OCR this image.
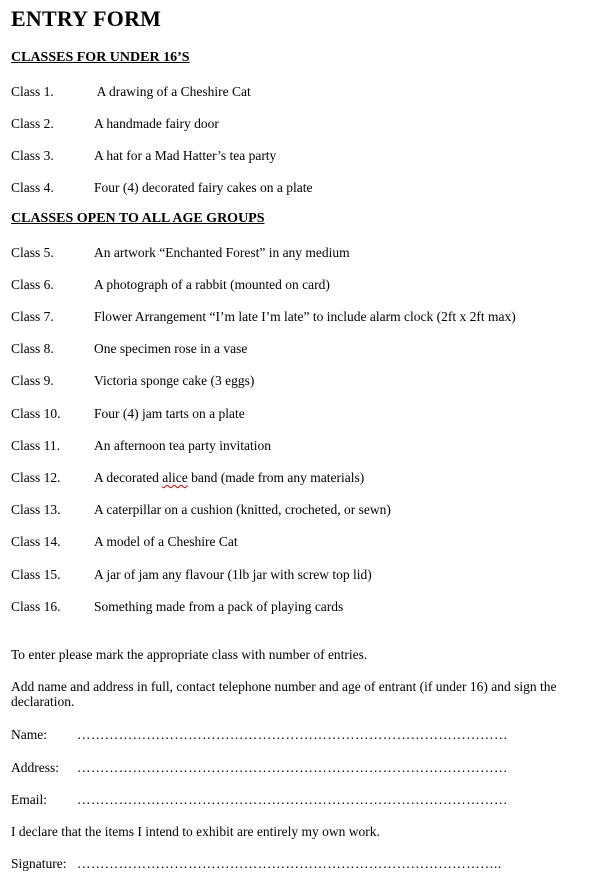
ENTRY FORM
CLASSES FOR UNDER 16’S
Class 1.	A drawing of a Cheshire Cat
Class 2.	A handmade fairy door
Class 3.	A hat for a Mad Hatter’s tea party
Class 4.	Four (4) decorated fairy cakes on a plate
CLASSES OPEN TO ALL AGE GROUPS
Class 5.	An artwork “Enchanted Forest” in any medium
Class 6.	A photograph of a rabbit (mounted on card)
Class 7.	Flower Arrangement “I’m late I’m late” to include alarm clock (2ft x 2ft max)
Class 8.	One specimen rose in a vase
Class 9.	Victoria sponge cake (3 eggs)
Class 10. Four (4) jam tarts on a plate
Class 11.	An afternoon tea party invitation
Class 12. A decorated alice band (made from any materials)
Class 13. A caterpillar on a cushion (knitted, crocheted, or sewn)
Class 14. A model of a Cheshire Cat
Class 15. A jar of jam any flavour (1lb jar with screw top lid)
Class 16. Something made from a pack of playing cards
To enter please mark the appropriate class with number of entries.
Add name and address in full, contact telephone number and age of entrant (if under 16) and sign the declaration.
Name: …………………………………………………………………………………
Address: …………………………………………………………………………………
Email: …………………………………………………………………………………
I declare that the items I intend to exhibit are entirely my own work.
Signature: ………………………………………………………………………………..
